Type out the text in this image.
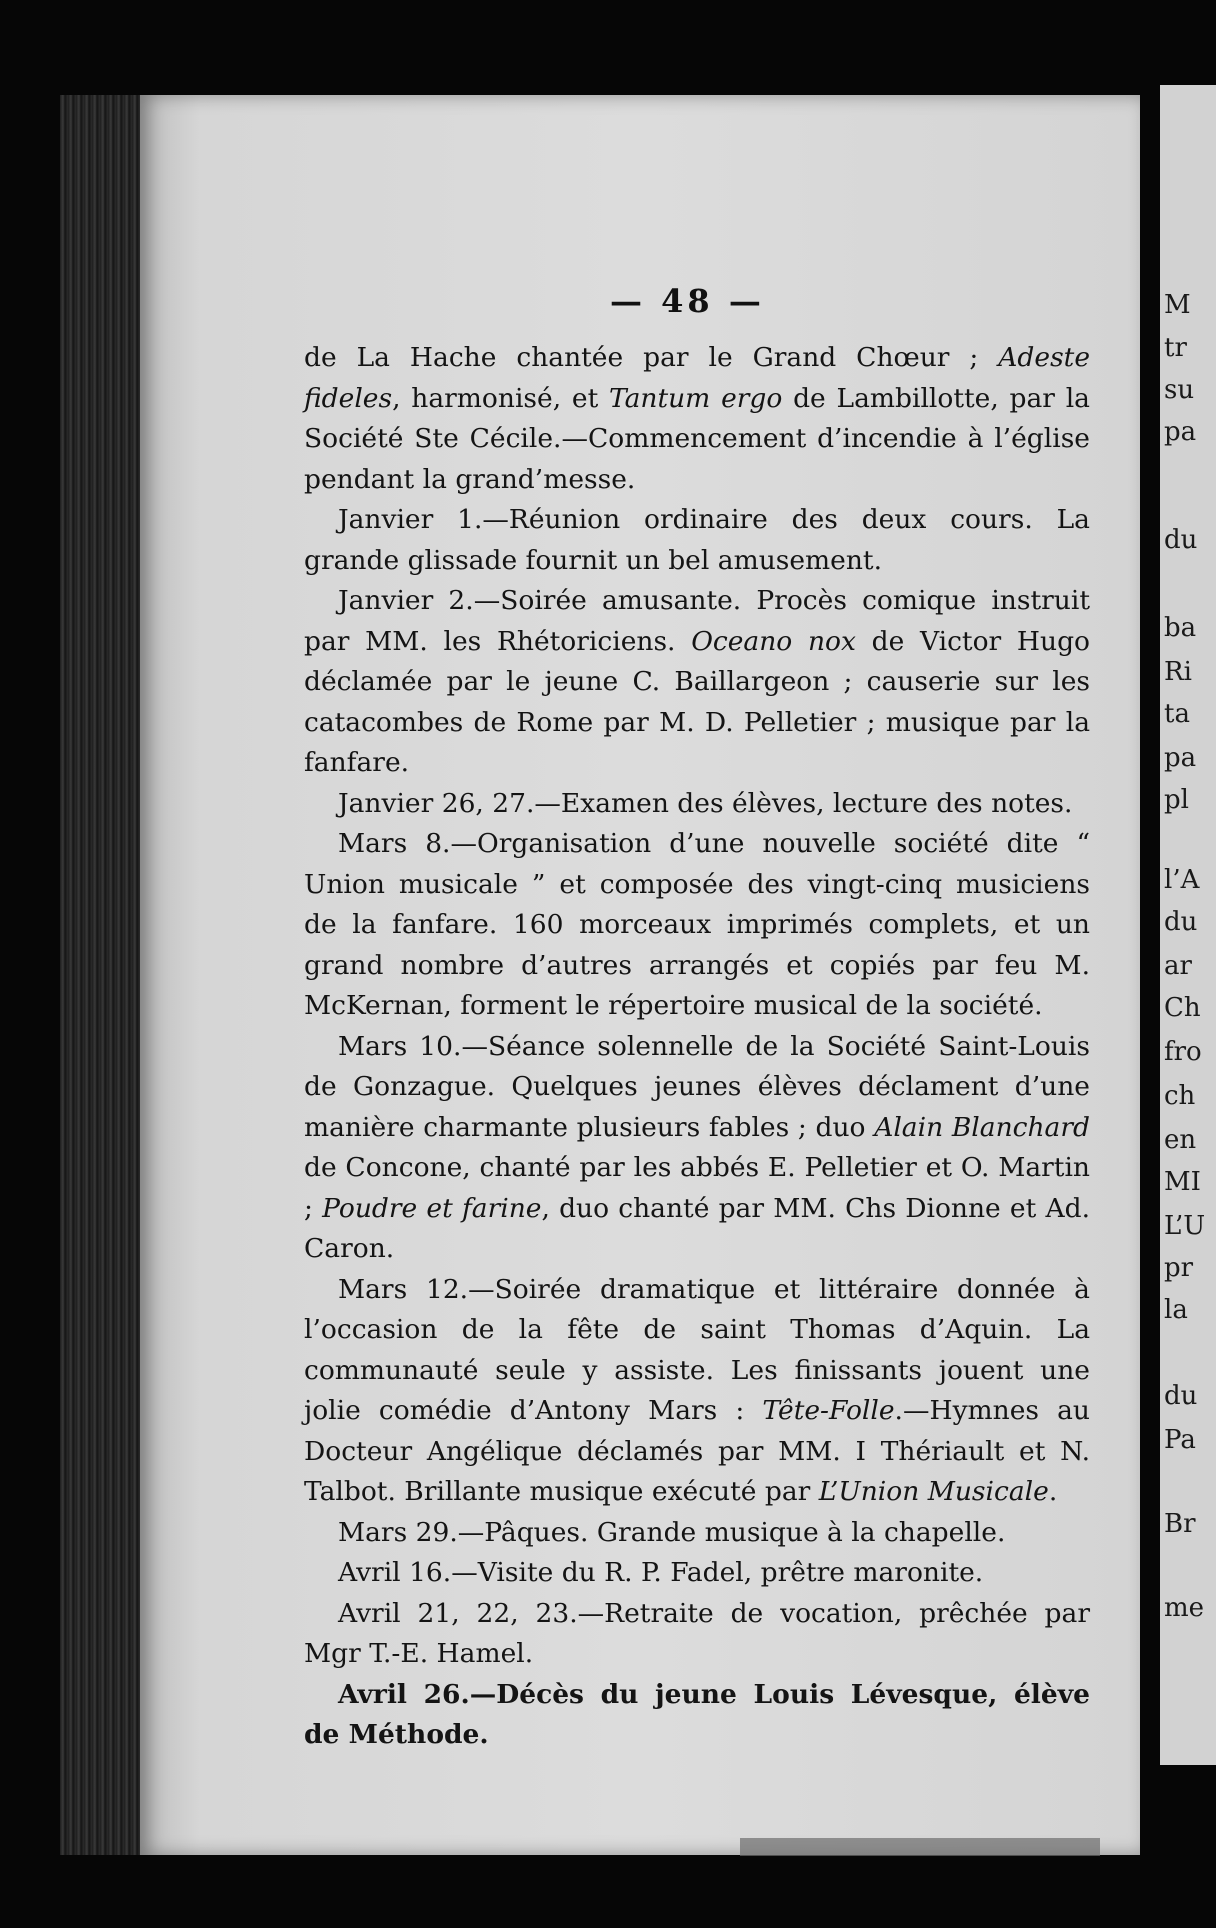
M
tr
su
pa
du
ba
Ri
ta
pa
pl
l’A
du
ar
Ch
fro
ch
en
MI
L’U
pr
la
du
Pa
Br
me
— 48 —

de La Hache chantée par le Grand Chœur ; Adeste fideles, harmonisé, et Tantum ergo de Lambillotte, par la Société Ste Cécile.—Commencement d’incendie à l’église pendant la grand’messe.

Janvier 1.—Réunion ordinaire des deux cours. La grande glissade fournit un bel amusement.

Janvier 2.—Soirée amusante. Procès comique instruit par MM. les Rhétoriciens. Oceano nox de Victor Hugo déclamée par le jeune C. Baillargeon ; causerie sur les catacombes de Rome par M. D. Pelletier ; musique par la fanfare.

Janvier 26, 27.—Examen des élèves, lecture des notes.

Mars 8.—Organisation d’une nouvelle société dite “ Union musicale ” et composée des vingt-cinq musiciens de la fanfare. 160 morceaux imprimés complets, et un grand nombre d’autres arrangés et copiés par feu M. McKernan, forment le répertoire musical de la société.

Mars 10.—Séance solennelle de la Société Saint-Louis de Gonzague. Quelques jeunes élèves déclament d’une manière charmante plusieurs fables ; duo Alain Blanchard de Concone, chanté par les abbés E. Pelletier et O. Martin ; Poudre et farine, duo chanté par MM. Chs Dionne et Ad. Caron.

Mars 12.—Soirée dramatique et littéraire donnée à l’occasion de la fête de saint Thomas d’Aquin. La communauté seule y assiste. Les finissants jouent une jolie comédie d’Antony Mars : Tête-Folle.—Hymnes au Docteur Angélique déclamés par MM. I Thériault et N. Talbot. Brillante musique exécuté par L’Union Musicale.

Mars 29.—Pâques. Grande musique à la chapelle.

Avril 16.—Visite du R. P. Fadel, prêtre maronite.

Avril 21, 22, 23.—Retraite de vocation, prêchée par Mgr T.-E. Hamel.

Avril 26.—Décès du jeune Louis Lévesque, élève de Méthode.
